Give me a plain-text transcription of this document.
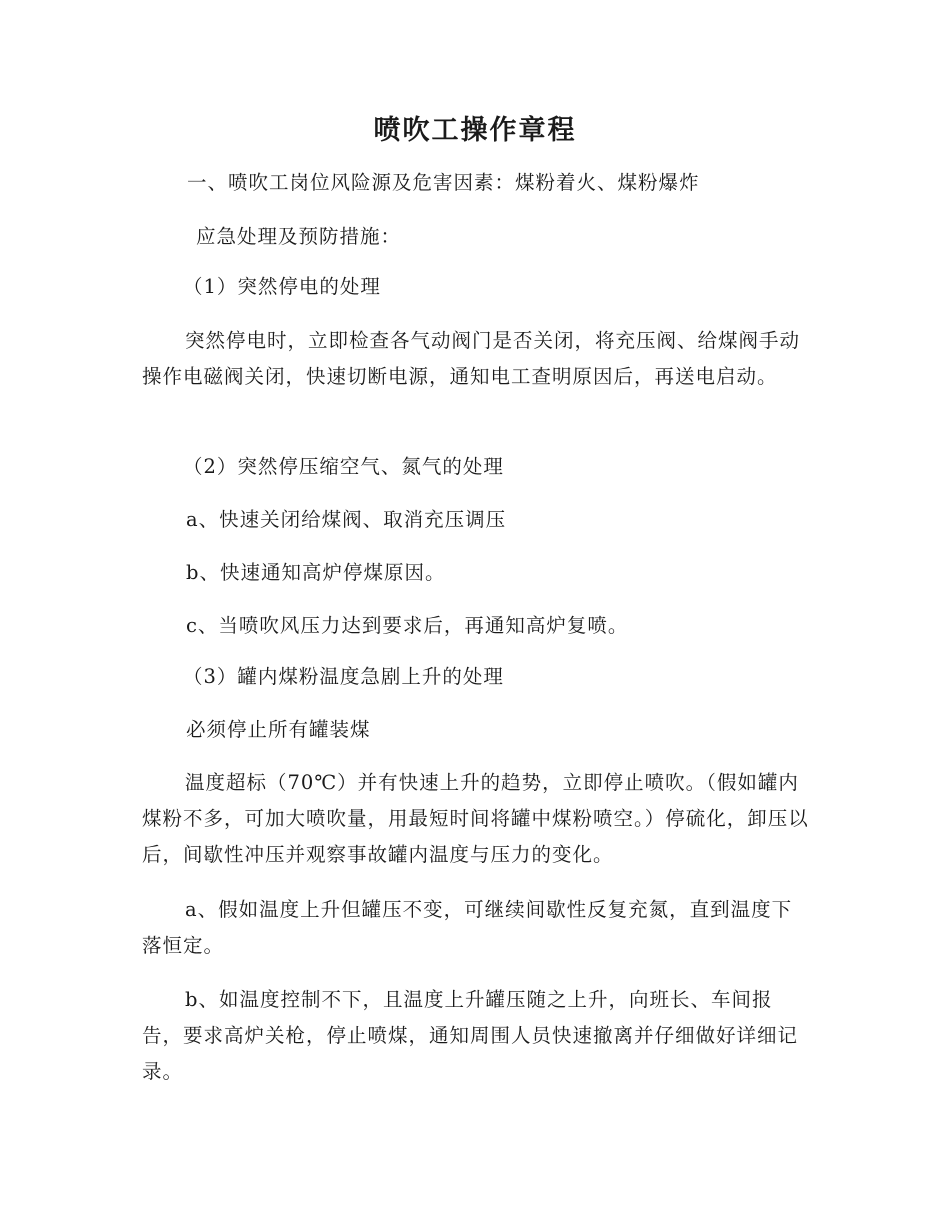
喷吹工操作章程

一、喷吹工岗位风险源及危害因素：煤粉着火、煤粉爆炸

应急处理及预防措施：

（1）突然停电的处理

突然停电时，立即检查各气动阀门是否关闭，将充压阀、给煤阀手动操作电磁阀关闭，快速切断电源，通知电工查明原因后，再送电启动。

（2）突然停压缩空气、氮气的处理

a、快速关闭给煤阀、取消充压调压

b、快速通知高炉停煤原因。

c、当喷吹风压力达到要求后，再通知高炉复喷。

（3）罐内煤粉温度急剧上升的处理

必须停止所有罐装煤

温度超标（70℃）并有快速上升的趋势，立即停止喷吹。（假如罐内煤粉不多，可加大喷吹量，用最短时间将罐中煤粉喷空。）停硫化，卸压以后，间歇性冲压并观察事故罐内温度与压力的变化。

a、假如温度上升但罐压不变，可继续间歇性反复充氮，直到温度下落恒定。

b、如温度控制不下，且温度上升罐压随之上升，向班长、车间报告，要求高炉关枪，停止喷煤，通知周围人员快速撤离并仔细做好详细记录。
